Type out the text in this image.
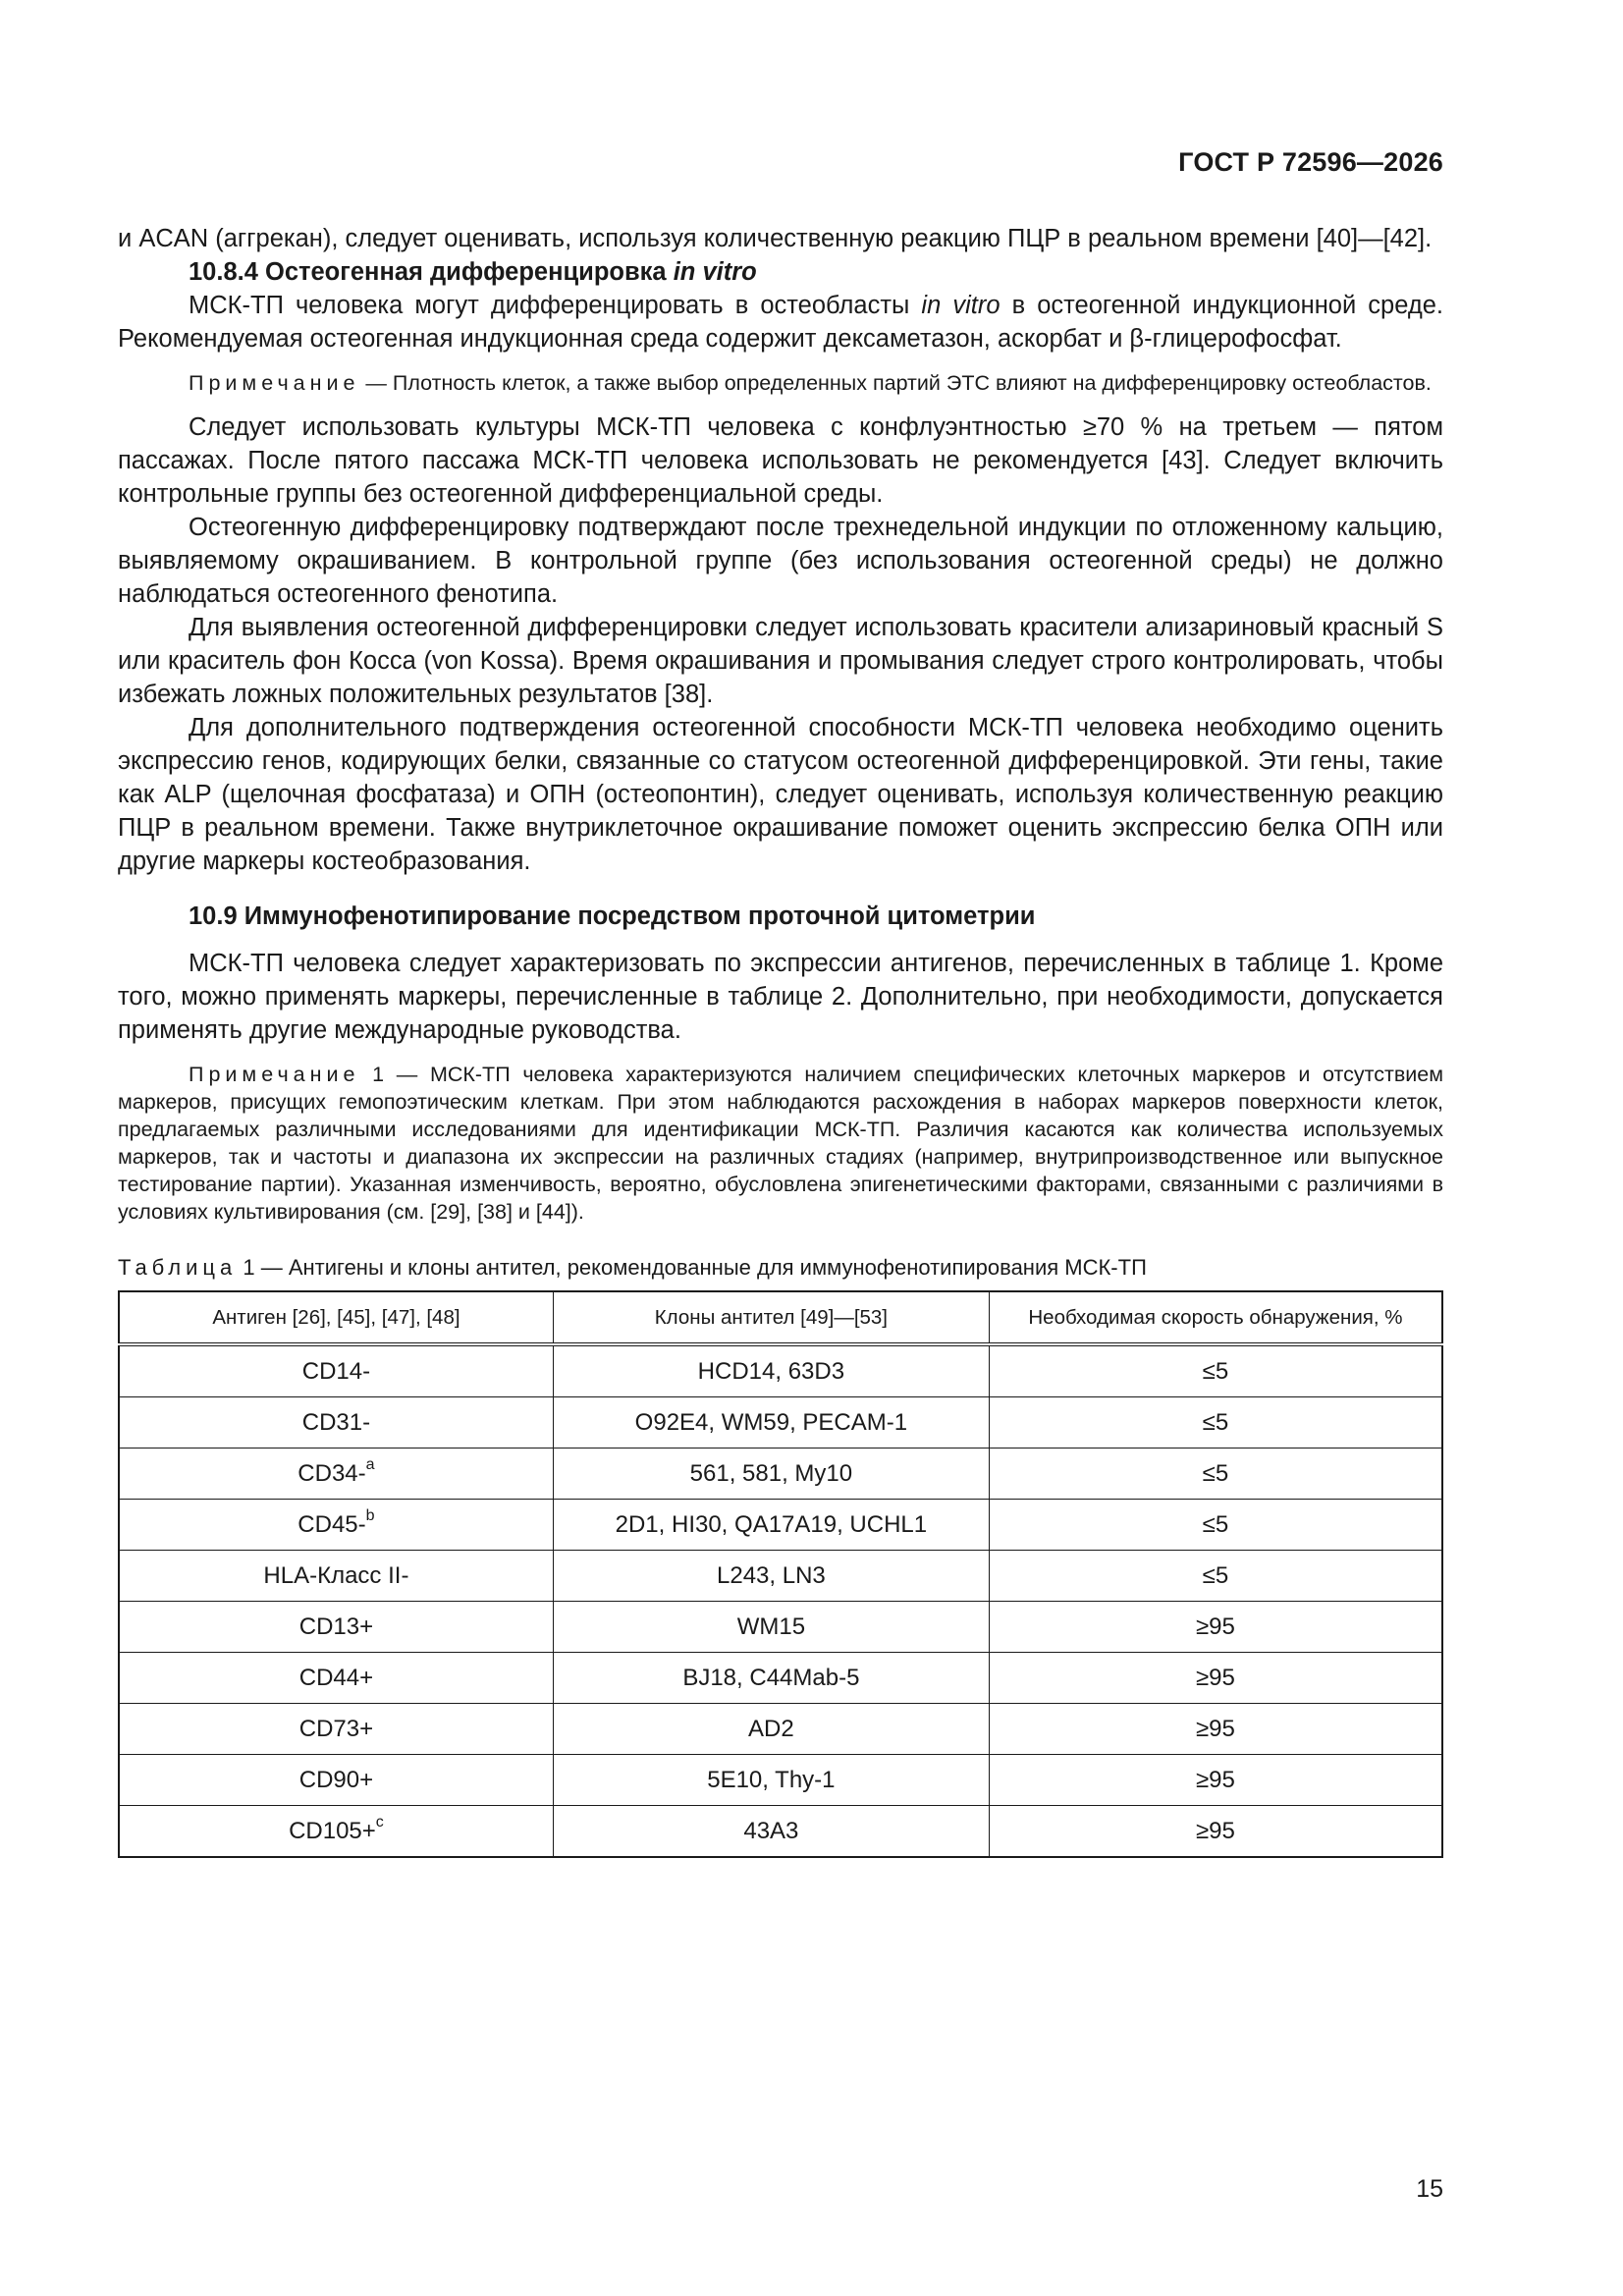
ГОСТ Р 72596—2026

и ACAN (аггрекан), следует оценивать, используя количественную реакцию ПЦР в реальном времени [40]—[42].

10.8.4 Остеогенная дифференцировка in vitro

МСК-ТП человека могут дифференцировать в остеобласты in vitro в остеогенной индукционной среде. Рекомендуемая остеогенная индукционная среда содержит дексаметазон, аскорбат и β-глицерофосфат.

Примечание — Плотность клеток, а также выбор определенных партий ЭТС влияют на дифференцировку остеобластов.

Следует использовать культуры МСК-ТП человека с конфлуэнтностью ≥70 % на третьем — пятом пассажах. После пятого пассажа МСК-ТП человека использовать не рекомендуется [43]. Следует включить контрольные группы без остеогенной дифференциальной среды.

Остеогенную дифференцировку подтверждают после трехнедельной индукции по отложенному кальцию, выявляемому окрашиванием. В контрольной группе (без использования остеогенной среды) не должно наблюдаться остеогенного фенотипа.

Для выявления остеогенной дифференцировки следует использовать красители ализариновый красный S или краситель фон Косса (von Kossa). Время окрашивания и промывания следует строго контролировать, чтобы избежать ложных положительных результатов [38].

Для дополнительного подтверждения остеогенной способности МСК-ТП человека необходимо оценить экспрессию генов, кодирующих белки, связанные со статусом остеогенной дифференцировкой. Эти гены, такие как ALP (щелочная фосфатаза) и ОПН (остеопонтин), следует оценивать, используя количественную реакцию ПЦР в реальном времени. Также внутриклеточное окрашивание поможет оценить экспрессию белка ОПН или другие маркеры костеобразования.

10.9 Иммунофенотипирование посредством проточной цитометрии

МСК-ТП человека следует характеризовать по экспрессии антигенов, перечисленных в таблице 1. Кроме того, можно применять маркеры, перечисленные в таблице 2. Дополнительно, при необходимости, допускается применять другие международные руководства.

Примечание 1 — МСК-ТП человека характеризуются наличием специфических клеточных маркеров и отсутствием маркеров, присущих гемопоэтическим клеткам. При этом наблюдаются расхождения в наборах маркеров поверхности клеток, предлагаемых различными исследованиями для идентификации МСК-ТП. Различия касаются как количества используемых маркеров, так и частоты и диапазона их экспрессии на различных стадиях (например, внутрипроизводственное или выпускное тестирование партии). Указанная изменчивость, вероятно, обусловлена эпигенетическими факторами, связанными с различиями в условиях культивирования (см. [29], [38] и [44]).
Таблица 1 — Антигены и клоны антител, рекомендованные для иммунофенотипирования МСК-ТП
Антиген [26], [45], [47], [48]	Клоны антител [49]—[53]	Необходимая скорость обнаружения, %
CD14-	HCD14, 63D3	≤5
CD31-	O92E4, WM59, PECAM-1	≤5
CD34-$^a$	561, 581, My10	≤5
CD45-$^b$	2D1, HI30, QA17A19, UCHL1	≤5
HLA-Класс II-	L243, LN3	≤5
CD13+	WM15	≥95
CD44+	BJ18, C44Mab-5	≥95
CD73+	AD2	≥95
CD90+	5E10, Thy-1	≥95
CD105+$^c$	43A3	≥95
15
